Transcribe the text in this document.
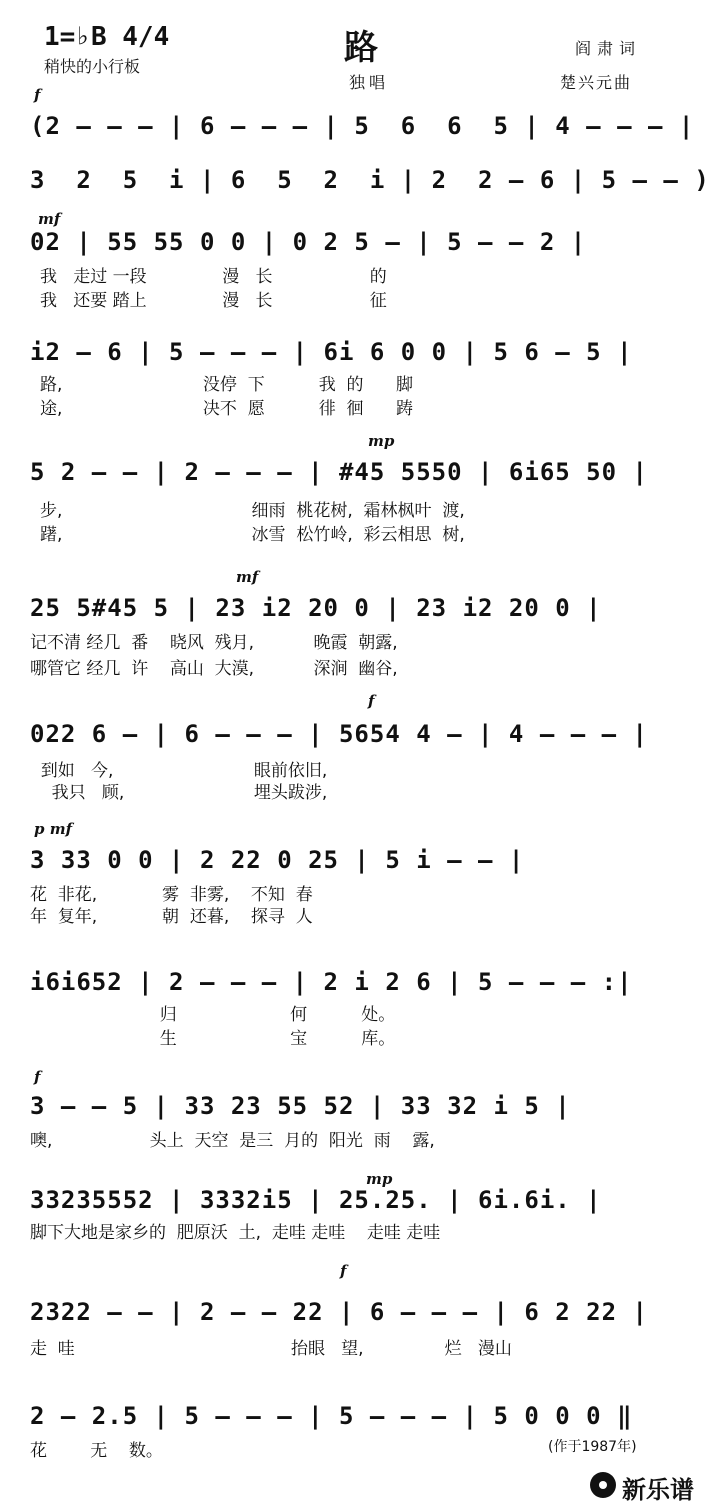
1=♭B 4/4
稍快的小行板	路
独唱
阎肃词
楚兴元曲
f
(2 — — — | 6 — — — | 5  6  6  5 | 4 — — — |
3  2  5  i | 6  5  2  i | 2  2 — 6 | 5 — — )
mf
02 | 55 55 0 0 | 0 2 5 — | 5 — — 2 |
我   走过 一段              漫   长                  的
我   还要 踏上              漫   长                  征
i2 — 6 | 5 — — — | 6i 6 0 0 | 5 6 — 5 |
路,                          没停  下          我  的      脚
途,                          决不  愿          徘  徊      踌
mp
5 2 — — | 2 — — — | #45 5550 | 6i65 50 |
步,                                   细雨  桃花树,  霜林枫叶  渡,
躇,                                   冰雪  松竹岭,  彩云相思  树,
mf
25 5#45 5 | 23 i2 20 0 | 23 i2 20 0 |
记不清 经几  番    晓风  残月,           晚霞  朝露,
哪管它 经几  许    高山  大漠,           深涧  幽谷,
f
022 6 — | 6 — — — | 5654 4 — | 4 — — — |
到如   今,                          眼前依旧,
我只   顾,                        埋头跋涉,
p mf
3 33 0 0 | 2 22 0 25 | 5 i — — |
花  非花,            雾  非雾,    不知  春
年  复年,            朝  还暮,    探寻  人
i6i652 | 2 — — — | 2 i 2 6 | 5 — — — :|
归                     何          处。
生                     宝          库。
f
3 — — 5 | 33 23 55 52 | 33 32 i 5 |
噢,                  头上  天空  是三  月的  阳光  雨    露,
mp
33235552 | 3332i5 | 25.25. | 6i.6i. |
脚下大地是家乡的  肥原沃  土,  走哇 走哇    走哇 走哇
f
2322 — — | 2 — — 22 | 6 — — — | 6 2 22 |
走  哇                                        抬眼   望,               烂   漫山
2 — 2.5 | 5 — — — | 5 — — — | 5 0 0 0 ‖
花        无    数。	(作于1987年)
新乐谱
